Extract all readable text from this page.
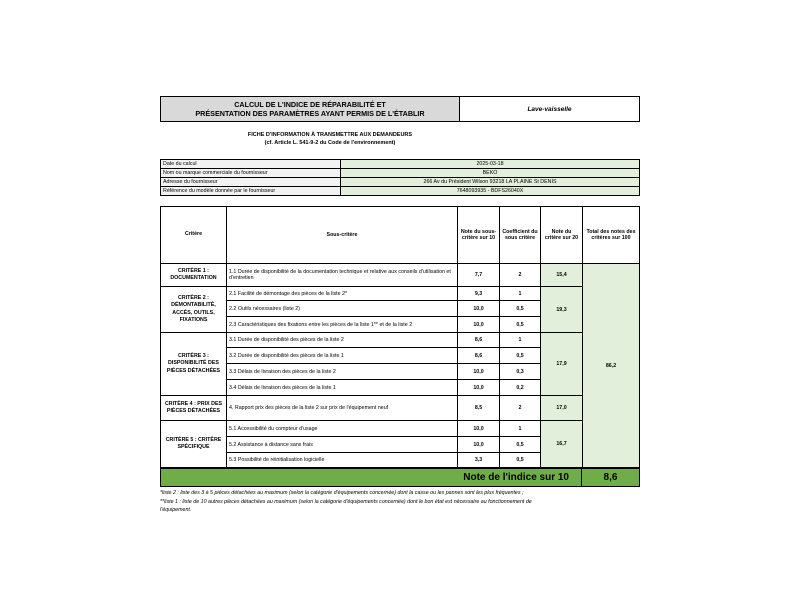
CALCUL DE L'INDICE DE RÉPARABILITÉ ET
PRÉSENTATION DES PARAMÈTRES AYANT PERMIS DE L'ÉTABLIR	Lave-vaisselle
FICHE D'INFORMATION À TRANSMETTRE AUX DEMANDEURS
(cf. Article L. 541-9-2 du Code de l'environnement)
Date du calcul	2025-03-18
Nom ou marque commerciale du fournisseur	BEKO
Adresse du fournisseur	266 Av du Président Wilson 93218 LA PLAINE St DENIS
Référence du modèle donnée par le fournisseur	7648093935 - BDFS26040X
Critère	Sous-critère	Note du sous-critère sur 10	Coefficient du sous critère	Note du critère sur 20	Total des notes des critères sur 100
CRITÈRE 1 : DOCUMENTATION	1.1 Durée de disponibilité de la documentation technique et relative aux conseils d'utilisation et d'entretien	7,7	2	15,4	86,2
CRITÈRE 2 : DÉMONTABILITÉ, ACCÈS, OUTILS, FIXATIONS	2.1 Facilité de démontage des pièces de la liste 2*	9,3	1	19,3	
	2.2 Outils nécessaires (liste 2)	10,0	0,5		
	2.3 Caractéristiques des fixations entre les pièces de la liste 1** et de la liste 2	10,0	0,5		
CRITÈRE 3 : DISPONIBILITÉ DES PIÈCES DÉTACHÉES	3.1 Durée de disponibilité des pièces de la liste 2	8,6	1	17,9	
	3.2 Durée de disponibilité des pièces de la liste 1	8,6	0,5		
	3.3 Délais de livraison des pièces de la liste 2	10,0	0,3		
	3.4 Délais de livraison des pièces de la liste 1	10,0	0,2		
CRITÈRE 4 : PRIX DES PIÈCES DÉTACHÉES	4. Rapport prix des pièces de la liste 2 sur prix de l'équipement neuf	8,5	2	17,0	
CRITÈRE 5 : CRITÈRE SPÉCIFIQUE	5.1 Accessibilité du compteur d'usage	10,0	1	16,7	
	5.2 Assistance à distance sans frais	10,0	0,5		
	5.3 Possibilité de réinitialisation logicielle	3,3	0,5		
Note de l'indice sur 10	8,6
*liste 2 : liste des 3 à 5 pièces détachées au maximum (selon la catégorie d'équipements concernée) dont la casse ou les pannes sont les plus fréquentes ;
**liste 1 : liste de 10 autres pièces détachées au maximum (selon la catégorie d'équipements concernée) dont le bon état est nécessaire au fonctionnement de
l'équipement.
